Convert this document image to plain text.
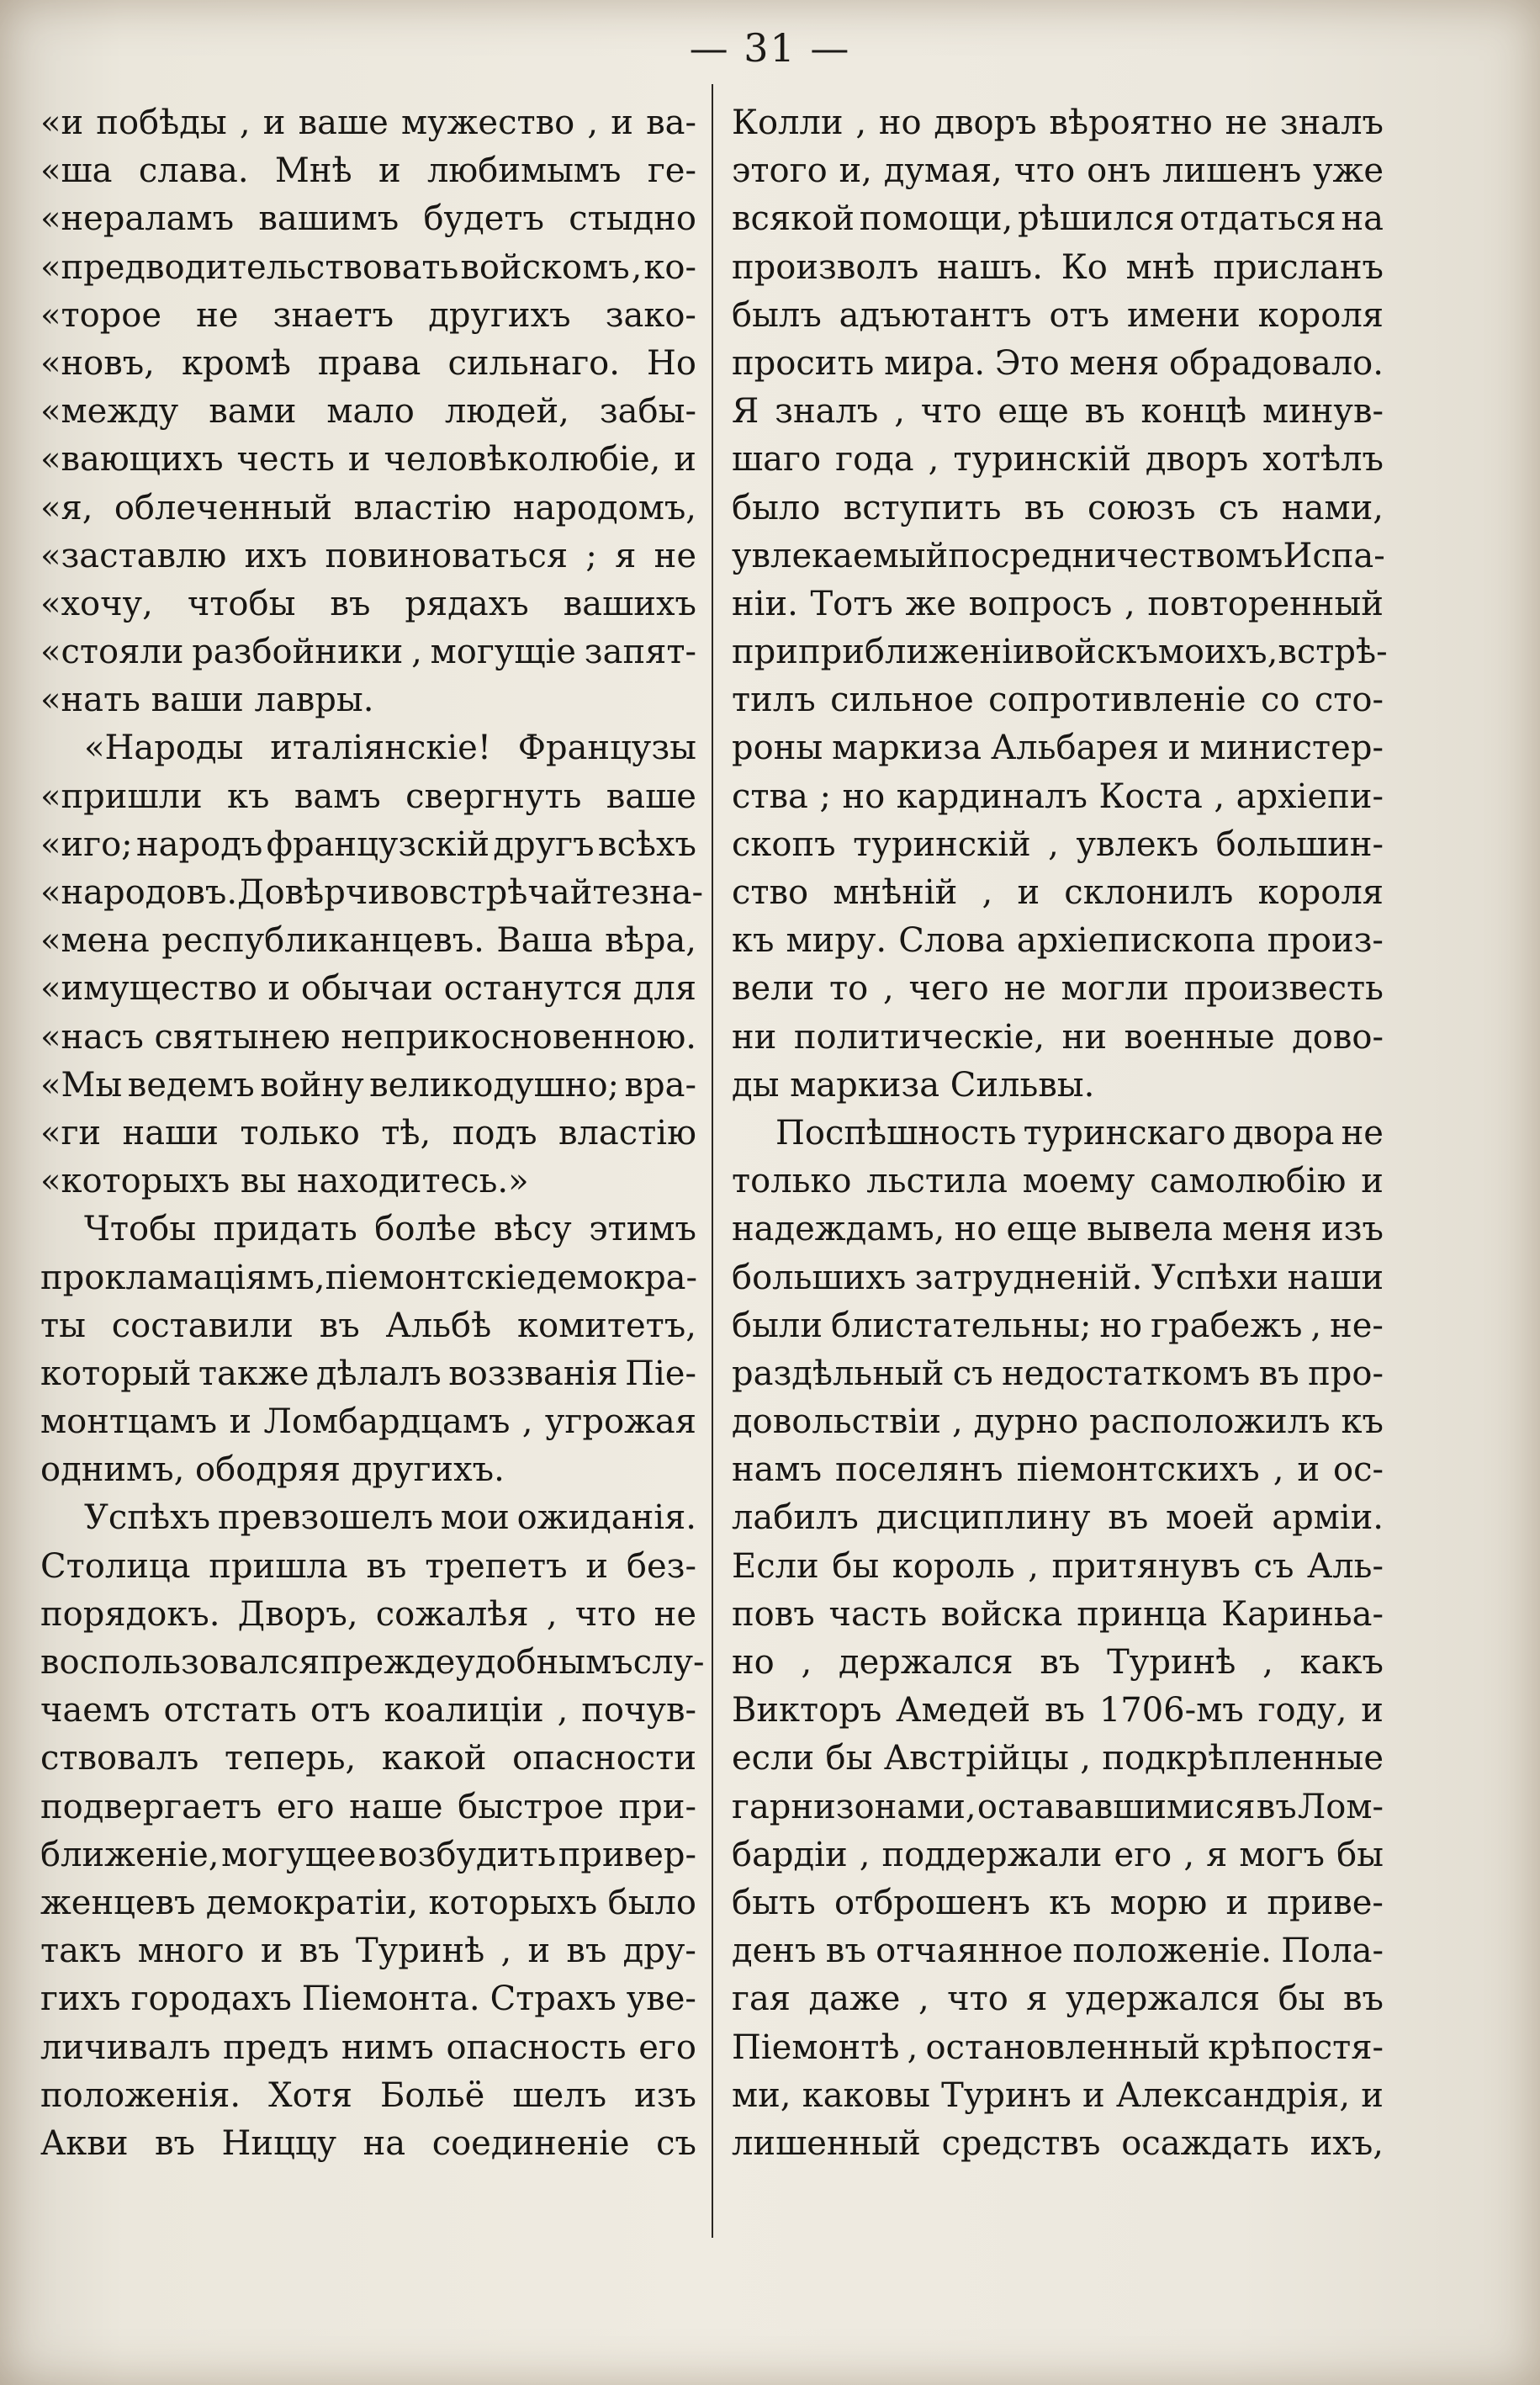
— 31 —
«и побѣды , и ваше мужество , и ва-
«ша слава. Мнѣ и любимымъ ге-
«нераламъ вашимъ будетъ стыдно
«предводительствовать войскомъ , ко-
«торое не знаетъ другихъ зако-
«новъ, кромѣ права сильнаго. Но
«между вами мало людей, забы-
«вающихъ честь и человѣколюбіе, и
«я, облеченный властію народомъ,
«заставлю ихъ повиноваться ; я не
«хочу, чтобы въ рядахъ вашихъ
«стояли разбойники , могущіе запят-
«нать ваши лавры.
«Народы италіянскіе! Французы
«пришли къ вамъ свергнуть ваше
«иго; народъ французскій другъ всѣхъ
«народовъ. Довѣрчиво встрѣчайте зна-
«мена республиканцевъ. Ваша вѣра,
«имущество и обычаи останутся для
«насъ святынею неприкосновенною.
«Мы ведемъ войну великодушно; вра-
«ги наши только тѣ, подъ властію
«которыхъ вы находитесь.»
Чтобы придать болѣе вѣсу этимъ
прокламаціямъ, піемонтскіе демокра-
ты составили въ Альбѣ комитетъ,
который также дѣлалъ воззванія Піе-
монтцамъ и Ломбардцамъ , угрожая
однимъ, ободряя другихъ.
Успѣхъ превзошелъ мои ожиданія.
Столица пришла въ трепетъ и без-
порядокъ. Дворъ, сожалѣя , что не
воспользовался прежде удобнымъ слу-
чаемъ отстать отъ коалиціи , почув-
ствовалъ теперь, какой опасности
подвергаетъ его наше быстрое при-
ближеніе, могущее возбудить привер-
женцевъ демократіи, которыхъ было
такъ много и въ Туринѣ , и въ дру-
гихъ городахъ Піемонта. Страхъ уве-
личивалъ предъ нимъ опасность его
положенія. Хотя Больё шелъ изъ
Акви въ Ниццу на соединеніе съ
Колли , но дворъ вѣроятно не зналъ
этого и, думая, что онъ лишенъ уже
всякой помощи, рѣшился отдаться на
произволъ нашъ. Ко мнѣ присланъ
былъ адъютантъ отъ имени короля
просить мира. Это меня обрадовало.
Я зналъ , что еще въ концѣ минув-
шаго года , туринскій дворъ хотѣлъ
было вступить въ союзъ съ нами,
увлекаемый посредничествомъ Испа-
ніи. Тотъ же вопросъ , повторенный
при приближеніи войскъ моихъ, встрѣ-
тилъ сильное сопротивленіе со сто-
роны маркиза Альбарея и министер-
ства ; но кардиналъ Коста , архіепи-
скопъ туринскій , увлекъ большин-
ство мнѣній , и склонилъ короля
къ миру. Слова архіепископа произ-
вели то , чего не могли произвесть
ни политическіе, ни военные дово-
ды маркиза Сильвы.
Поспѣшность туринскаго двора не
только льстила моему самолюбію и
надеждамъ, но еще вывела меня изъ
большихъ затрудненій. Успѣхи наши
были блистательны; но грабежъ , не-
раздѣльный съ недостаткомъ въ про-
довольствіи , дурно расположилъ къ
намъ поселянъ піемонтскихъ , и ос-
лабилъ дисциплину въ моей арміи.
Если бы король , притянувъ съ Аль-
повъ часть войска принца Кариньа-
но , держался въ Туринѣ , какъ
Викторъ Амедей въ 1706-мъ году, и
если бы Австрійцы , подкрѣпленные
гарнизонами, остававшимися въ Лом-
бардіи , поддержали его , я могъ бы
быть отброшенъ къ морю и приве-
денъ въ отчаянное положеніе. Пола-
гая даже , что я удержался бы въ
Піемонтѣ , остановленный крѣпостя-
ми, каковы Туринъ и Александрія, и
лишенный средствъ осаждать ихъ,
